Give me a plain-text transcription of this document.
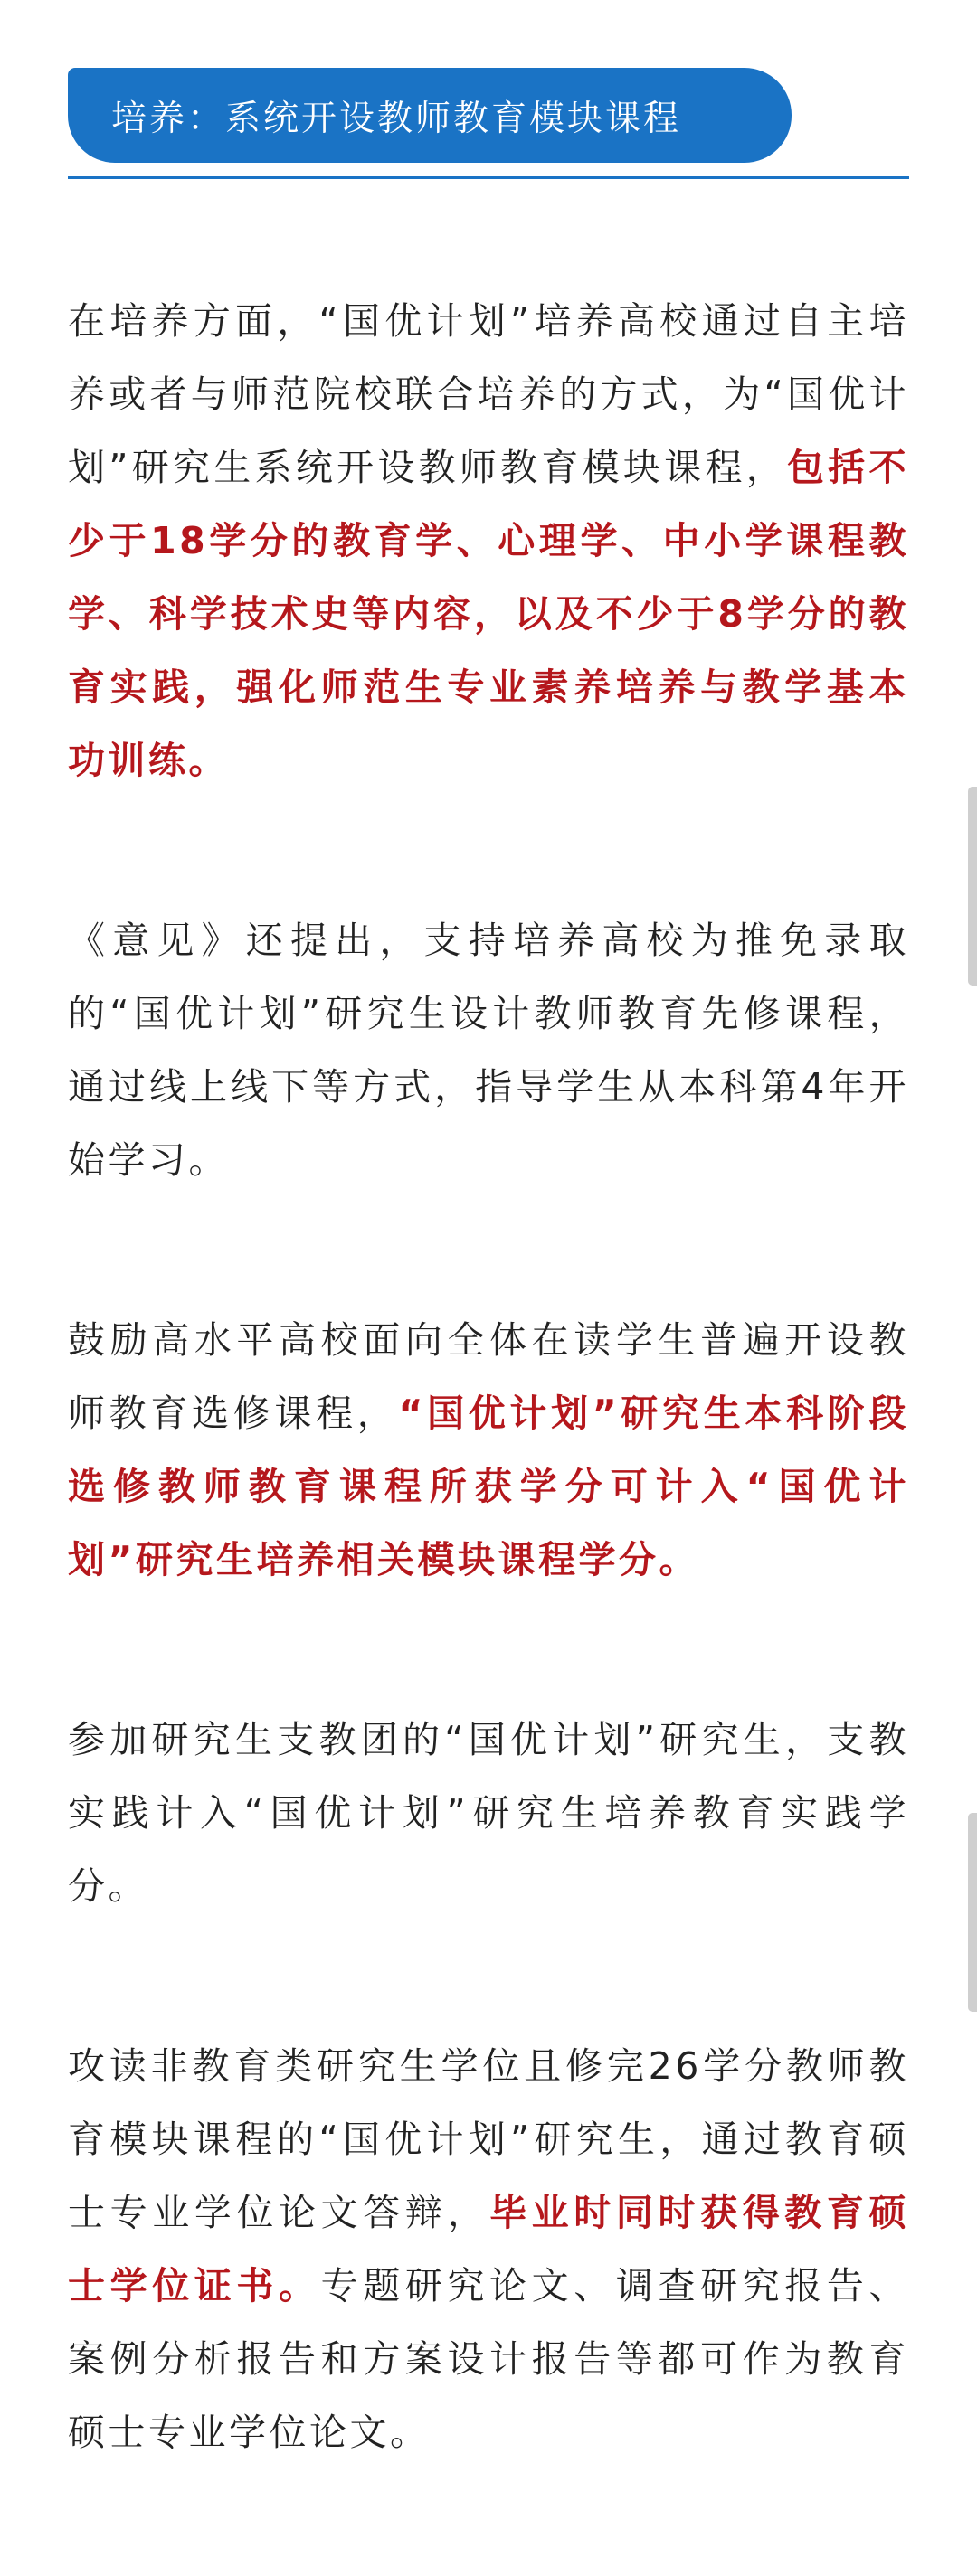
培养：系统开设教师教育模块课程

在培养方面，“国优计划”培养高校通过自主培养或者与师范院校联合培养的方式，为“国优计划”研究生系统开设教师教育模块课程，包括不少于18学分的教育学、心理学、中小学课程教学、科学技术史等内容，以及不少于8学分的教育实践，强化师范生专业素养培养与教学基本功训练。

《意见》还提出，支持培养高校为推免录取的“国优计划”研究生设计教师教育先修课程，通过线上线下等方式，指导学生从本科第4年开始学习。

鼓励高水平高校面向全体在读学生普遍开设教师教育选修课程，“国优计划”研究生本科阶段选修教师教育课程所获学分可计入“国优计划”研究生培养相关模块课程学分。

参加研究生支教团的“国优计划”研究生，支教实践计入“国优计划”研究生培养教育实践学分。

攻读非教育类研究生学位且修完26学分教师教育模块课程的“国优计划”研究生，通过教育硕士专业学位论文答辩，毕业时同时获得教育硕士学位证书。专题研究论文、调查研究报告、案例分析报告和方案设计报告等都可作为教育硕士专业学位论文。
